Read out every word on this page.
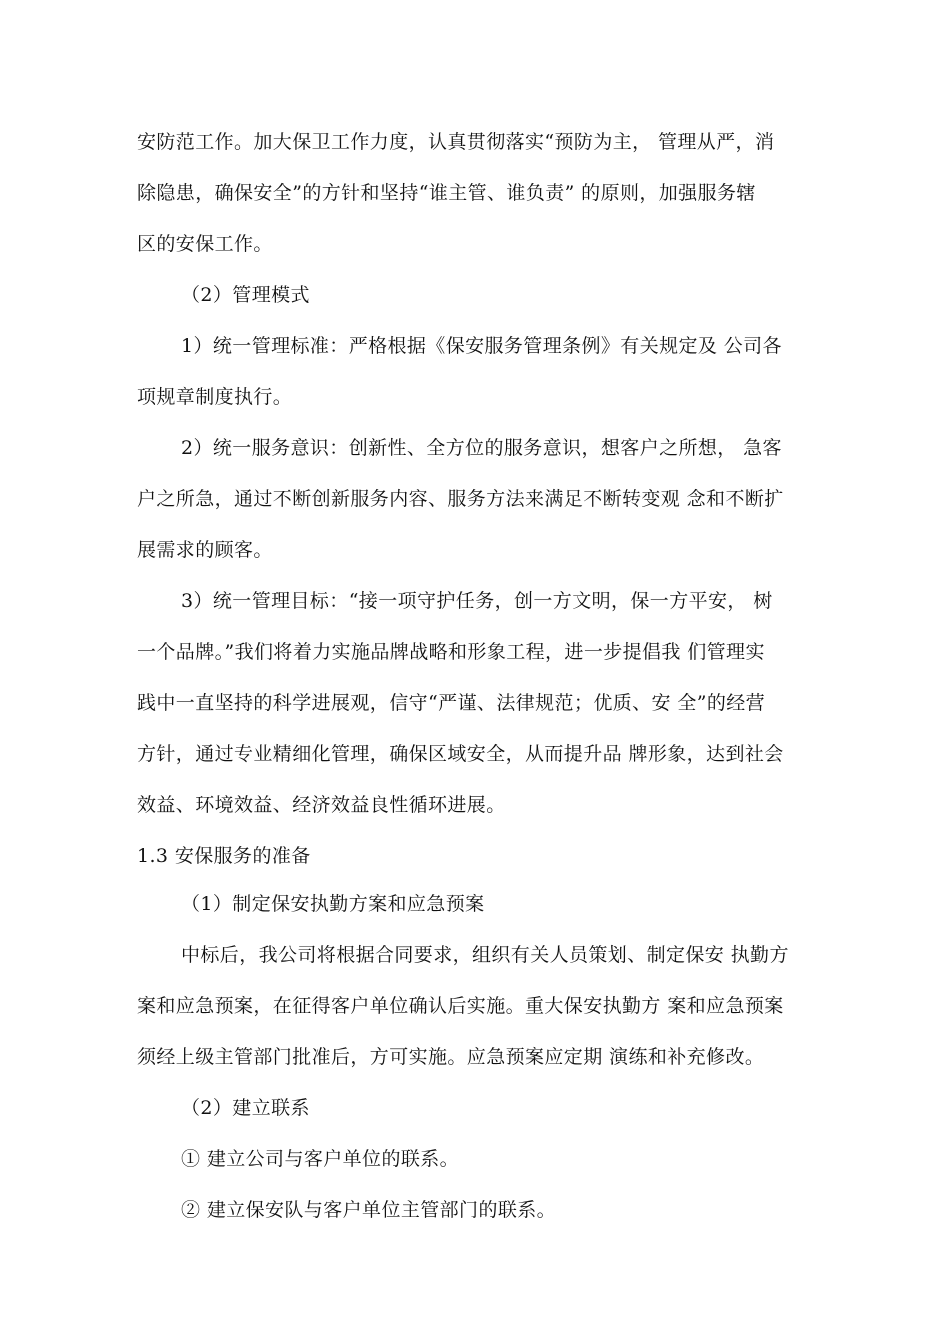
安防范工作。加大保卫工作力度，认真贯彻落实“预防为主， 管理从严，消
除隐患，确保安全”的方针和坚持“谁主管、谁负责” 的原则，加强服务辖
区的安保工作。
（2）管理模式
1）统一管理标准：严格根据《保安服务管理条例》有关规定及 公司各
项规章制度执行。
2）统一服务意识：创新性、全方位的服务意识，想客户之所想， 急客
户之所急，通过不断创新服务内容、服务方法来满足不断转变观 念和不断扩
展需求的顾客。
3）统一管理目标：“接一项守护任务，创一方文明，保一方平安， 树
一个品牌。”我们将着力实施品牌战略和形象工程，进一步提倡我 们管理实
践中一直坚持的科学进展观，信守“严谨、法律规范；优质、安 全”的经营
方针，通过专业精细化管理，确保区域安全，从而提升品 牌形象，达到社会
效益、环境效益、经济效益良性循环进展。
1.3 安保服务的准备
（1）制定保安执勤方案和应急预案
中标后，我公司将根据合同要求，组织有关人员策划、制定保安 执勤方
案和应急预案，在征得客户单位确认后实施。重大保安执勤方 案和应急预案
须经上级主管部门批准后，方可实施。应急预案应定期 演练和补充修改。
（2）建立联系
① 建立公司与客户单位的联系。
② 建立保安队与客户单位主管部门的联系。
